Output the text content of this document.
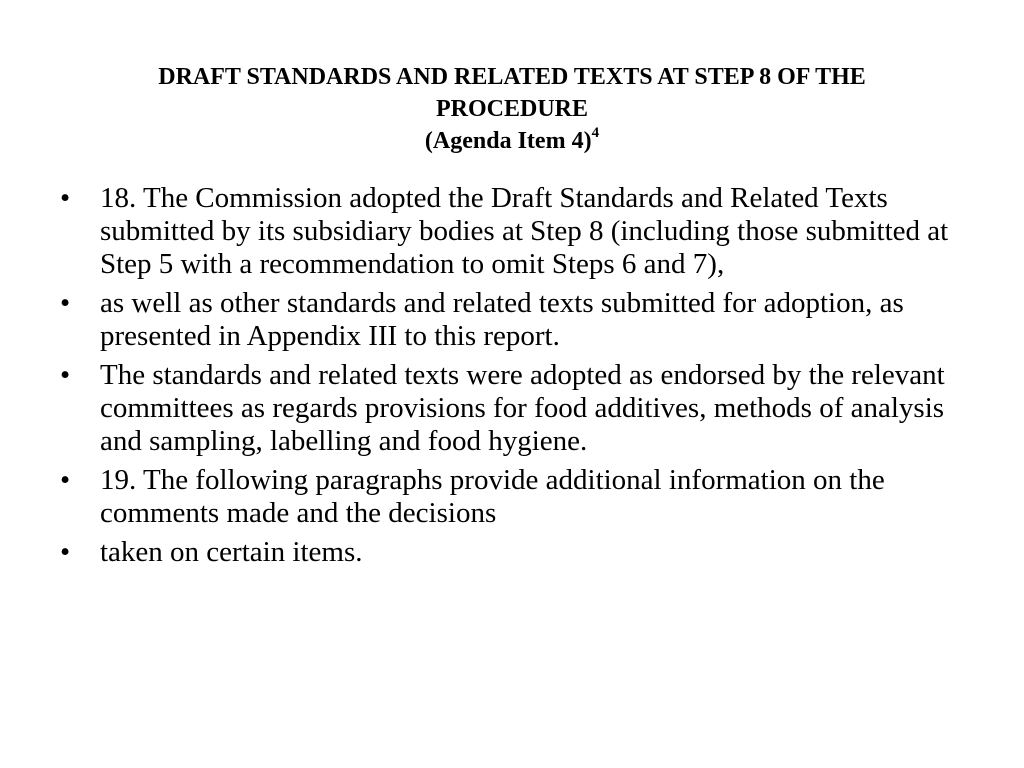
DRAFT STANDARDS AND RELATED TEXTS AT STEP 8 OF THE
PROCEDURE
(Agenda Item 4)$^4$
•	18. The Commission adopted the Draft Standards and Related Texts submitted by its subsidiary bodies at Step 8 (including those submitted at Step 5 with a recommendation to omit Steps 6 and 7),
•	as well as other standards and related texts submitted for adoption, as presented in Appendix III to this report.
•	The standards and related texts were adopted as endorsed by the relevant committees as regards provisions for food additives, methods of analysis and sampling, labelling and food hygiene.
•	19. The following paragraphs provide additional information on the comments made and the decisions
•	taken on certain items.
